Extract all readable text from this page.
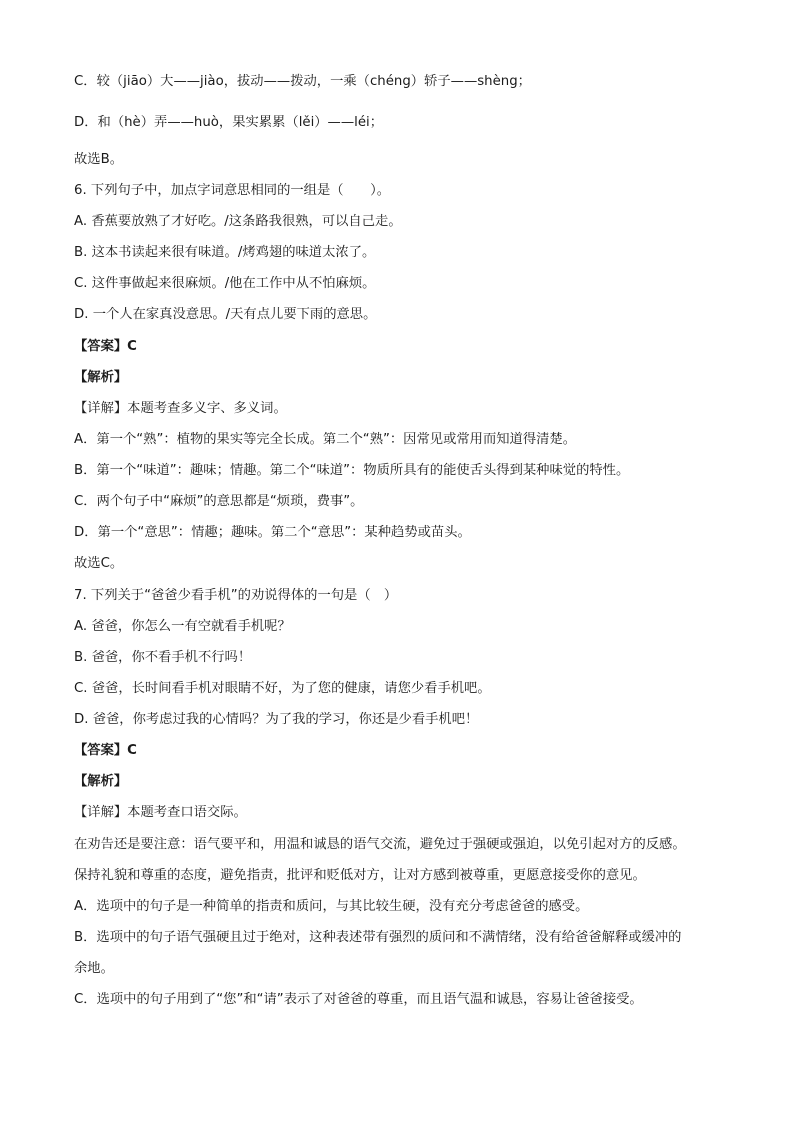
C．较（jiāo）大——jiào，拔动——拨动，一乘（chéng）轿子——shèng；
D．和（hè）弄——huò，果实累累（lěi）——léi；
故选B。
6. 下列句子中，加点字词意思相同的一组是（　　）。
A. 香蕉要放熟了才好吃。/这条路我很熟，可以自己走。
B. 这本书读起来很有味道。/烤鸡翅的味道太浓了。
C. 这件事做起来很麻烦。/他在工作中从不怕麻烦。
D. 一个人在家真没意思。/天有点儿要下雨的意思。
【答案】C
【解析】
【详解】本题考查多义字、多义词。
A．第一个“熟”：植物的果实等完全长成。第二个“熟”：因常见或常用而知道得清楚。
B．第一个“味道”：趣味；情趣。第二个“味道”：物质所具有的能使舌头得到某种味觉的特性。
C．两个句子中“麻烦”的意思都是“烦琐，费事”。
D．第一个“意思”：情趣；趣味。第二个“意思”：某种趋势或苗头。
故选C。
7. 下列关于“爸爸少看手机”的劝说得体的一句是（　）
A. 爸爸，你怎么一有空就看手机呢？
B. 爸爸，你不看手机不行吗！
C. 爸爸，长时间看手机对眼睛不好，为了您的健康，请您少看手机吧。
D. 爸爸，你考虑过我的心情吗？为了我的学习，你还是少看手机吧！
【答案】C
【解析】
【详解】本题考查口语交际。
在劝告还是要注意：语气要平和，用温和诚恳的语气交流，避免过于强硬或强迫，以免引起对方的反感。
保持礼貌和尊重的态度，避免指责，批评和贬低对方，让对方感到被尊重，更愿意接受你的意见。
A．选项中的句子是一种简单的指责和质问，与其比较生硬，没有充分考虑爸爸的感受。
B．选项中的句子语气强硬且过于绝对，这种表述带有强烈的质问和不满情绪，没有给爸爸解释或缓冲的
余地。
C．选项中的句子用到了“您”和“请”表示了对爸爸的尊重，而且语气温和诚恳，容易让爸爸接受。
